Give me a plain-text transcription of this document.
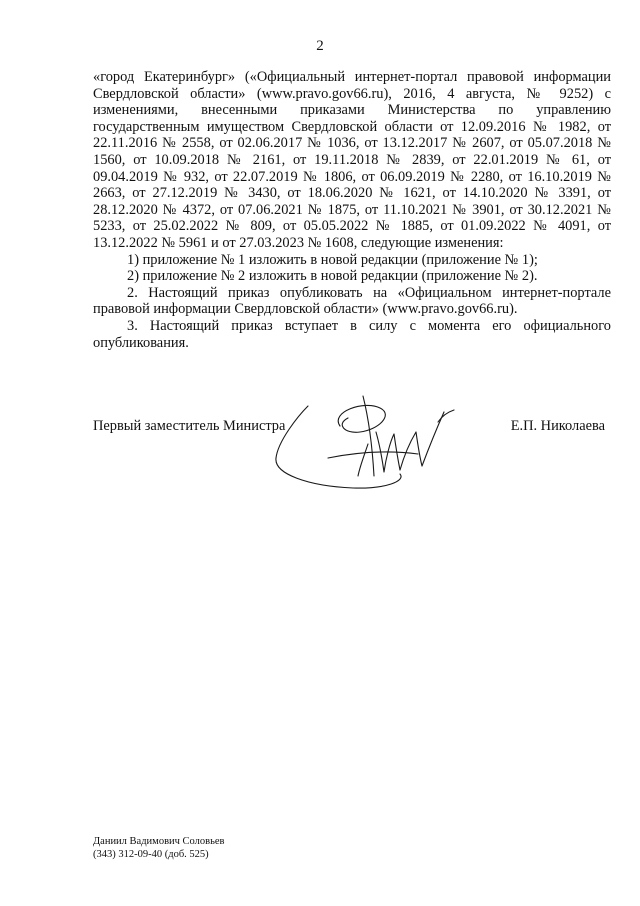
2

«город Екатеринбург» («Официальный интернет-портал правовой информации Свердловской области» (www.pravo.gov66.ru), 2016, 4 августа, № 9252) с изменениями, внесенными приказами Министерства по управлению государственным имуществом Свердловской области от 12.09.2016 № 1982, от 22.11.2016 № 2558, от 02.06.2017 № 1036, от 13.12.2017 № 2607, от 05.07.2018 № 1560, от 10.09.2018 № 2161, от 19.11.2018 № 2839, от 22.01.2019 № 61, от 09.04.2019 № 932, от 22.07.2019 № 1806, от 06.09.2019 № 2280, от 16.10.2019 № 2663, от 27.12.2019 № 3430, от 18.06.2020 № 1621, от 14.10.2020 № 3391, от 28.12.2020 № 4372, от 07.06.2021 № 1875, от 11.10.2021 № 3901, от 30.12.2021 № 5233, от 25.02.2022 № 809, от 05.05.2022 № 1885, от 01.09.2022 № 4091, от 13.12.2022 № 5961 и от 27.03.2023 № 1608, следующие изменения:

1) приложение № 1 изложить в новой редакции (приложение № 1);

2) приложение № 2 изложить в новой редакции (приложение № 2).

2. Настоящий приказ опубликовать на «Официальном интернет-портале правовой информации Свердловской области» (www.pravo.gov66.ru).

3. Настоящий приказ вступает в силу с момента его официального опубликования.

Первый заместитель Министра	Е.П. Николаева
Даниил Вадимович Соловьев
(343) 312-09-40 (доб. 525)
